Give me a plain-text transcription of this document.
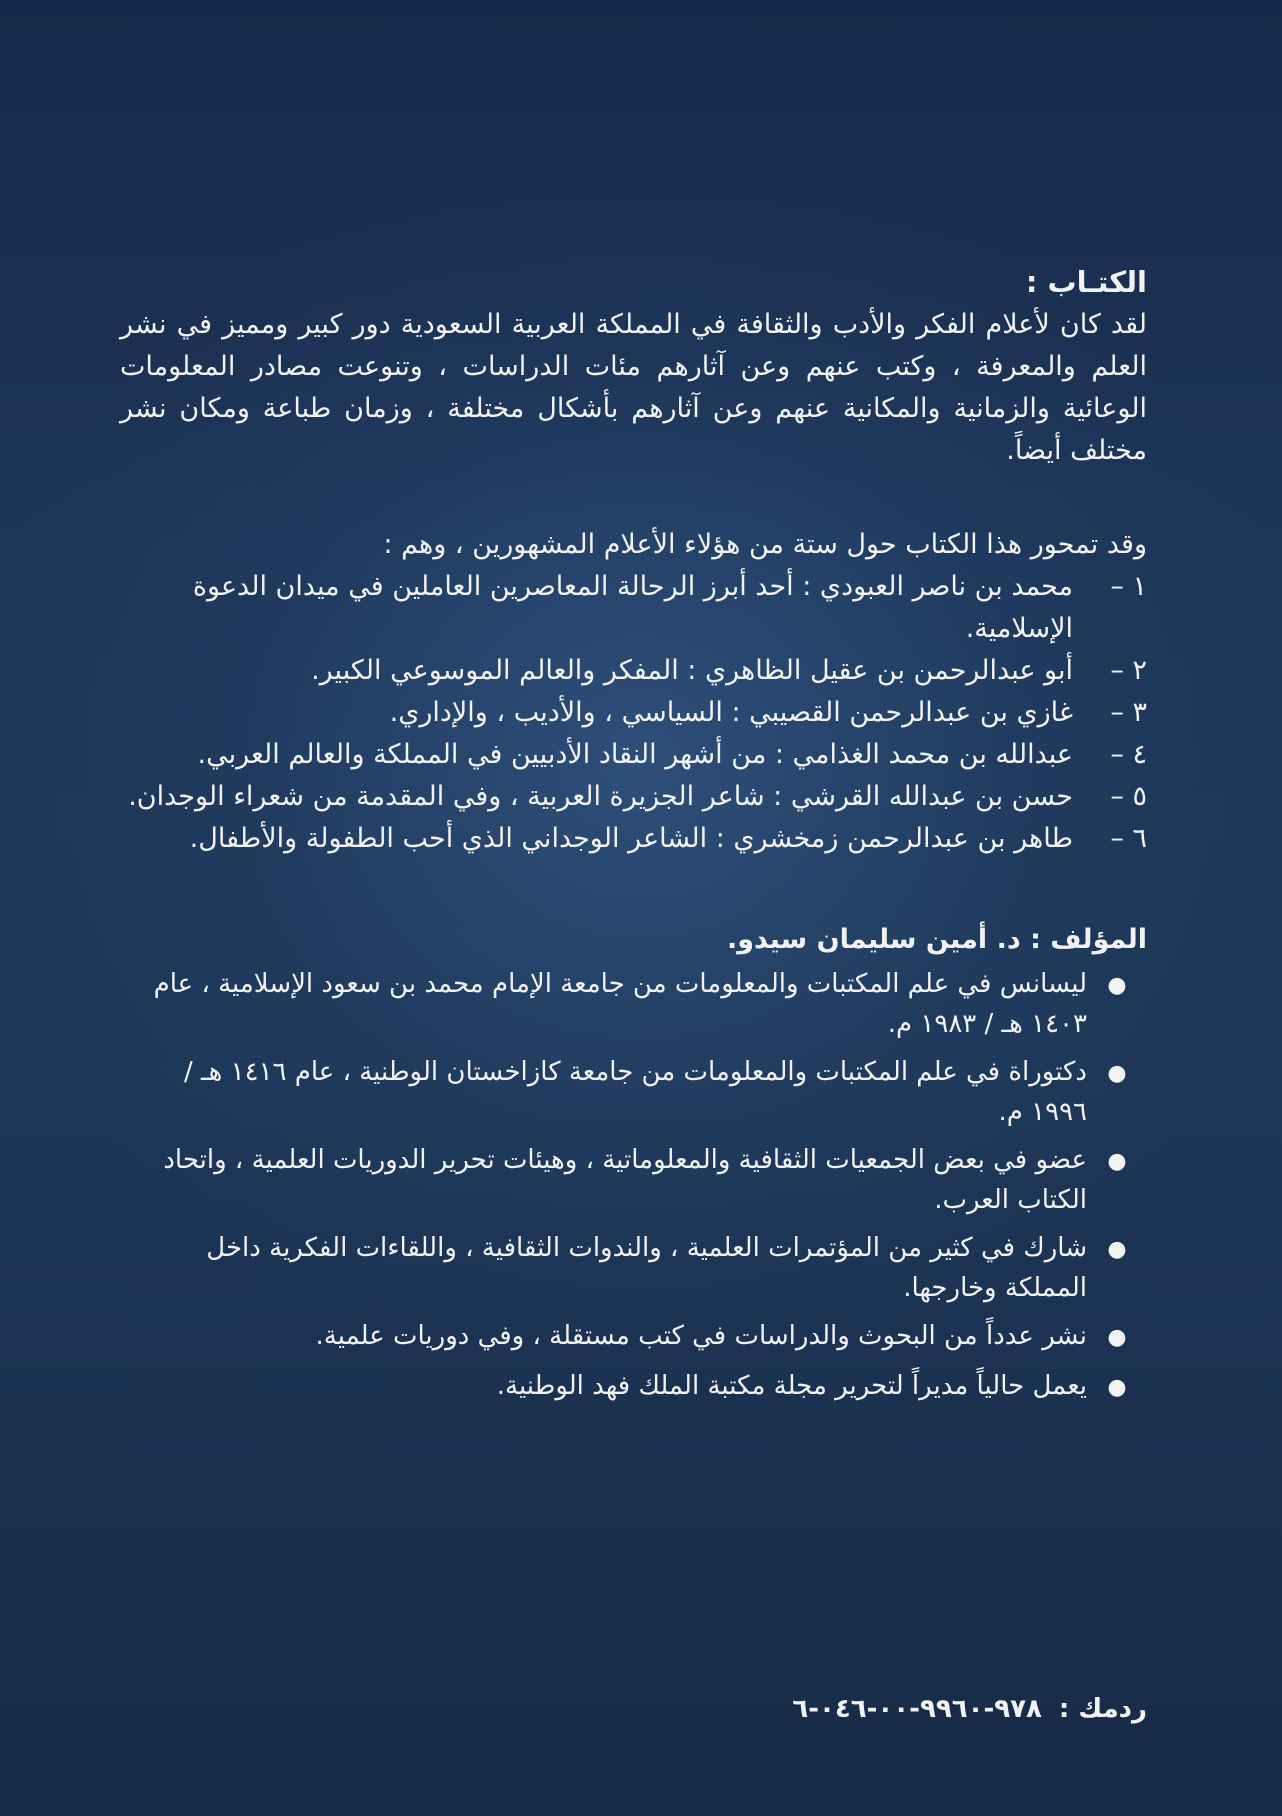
الكتـاب :

لقد كان لأعلام الفكر والأدب والثقافة في المملكة العربية السعودية دور كبير ومميز في نشر العلم والمعرفة ، وكتب عنهم وعن آثارهم مئات الدراسات ، وتنوعت مصادر المعلومات الوعائية والزمانية والمكانية عنهم وعن آثارهم بأشكال مختلفة ، وزمان طباعة ومكان نشر مختلف أيضاً.

وقد تمحور هذا الكتاب حول ستة من هؤلاء الأعلام المشهورين ، وهم :

١ –
محمد بن ناصر العبودي : أحد أبرز الرحالة المعاصرين العاملين في ميدان الدعوة الإسلامية.
٢ –
أبو عبدالرحمن بن عقيل الظاهري : المفكر والعالم الموسوعي الكبير.
٣ –
غازي بن عبدالرحمن القصيبي : السياسي ، والأديب ، والإداري.
٤ –
عبدالله بن محمد الغذامي : من أشهر النقاد الأدبيين في المملكة والعالم العربي.
٥ –
حسن بن عبدالله القرشي : شاعر الجزيرة العربية ، وفي المقدمة من شعراء الوجدان.
٦ –
طاهر بن عبدالرحمن زمخشري : الشاعر الوجداني الذي أحب الطفولة والأطفال.

المؤلف : د. أمين سليمان سيدو.

●
ليسانس في علم المكتبات والمعلومات من جامعة الإمام محمد بن سعود الإسلامية ، عام ١٤٠٣ هـ / ١٩٨٣ م.
●
دكتوراة في علم المكتبات والمعلومات من جامعة كازاخستان الوطنية ، عام ١٤١٦ هـ / ١٩٩٦ م.
●
عضو في بعض الجمعيات الثقافية والمعلوماتية ، وهيئات تحرير الدوريات العلمية ، واتحاد الكتاب العرب.
●
شارك في كثير من المؤتمرات العلمية ، والندوات الثقافية ، واللقاءات الفكرية داخل المملكة وخارجها.
●
نشر عدداً من البحوث والدراسات في كتب مستقلة ، وفي دوريات علمية.
●
يعمل حالياً مديراً لتحرير مجلة مكتبة الملك فهد الوطنية.
ردمك : ٩٧٨-٩٩٦٠-٠٠-٠٤٦-٦
